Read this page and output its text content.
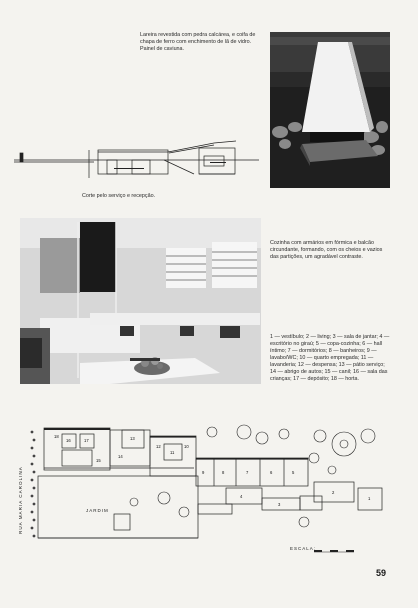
Lareira revestida com pedra calcárea, e coifa de chapa de ferro com enchimento de lã de vidro. Painel de caviuna.
Corte pelo serviço e recepção.
Cozinha com armários em fórmica e balcão circundante, formando, com os cheios e vazios das partições, um agradável contraste.
1 — vestíbulo; 2 — living; 3 — sala de jantar; 4 — escritório no giraú; 5 — copa-cozinha; 6 — hall íntimo; 7 — dormitórios; 8 — banheiros; 9 — lavabo/WC; 10 — quarto empregada; 11 — lavanderia; 12 — despensa; 13 — pátio serviço; 14 — abrigo de autos; 15 — canil; 16 — sala das crianças; 17 — depósito; 18 — horta.
18
16	17
15
14
13
12
11
10
9	8	7	6	5
4
3
2
1
RUA MARIA CAROLINA	JARDIM
ESCALA:
59
